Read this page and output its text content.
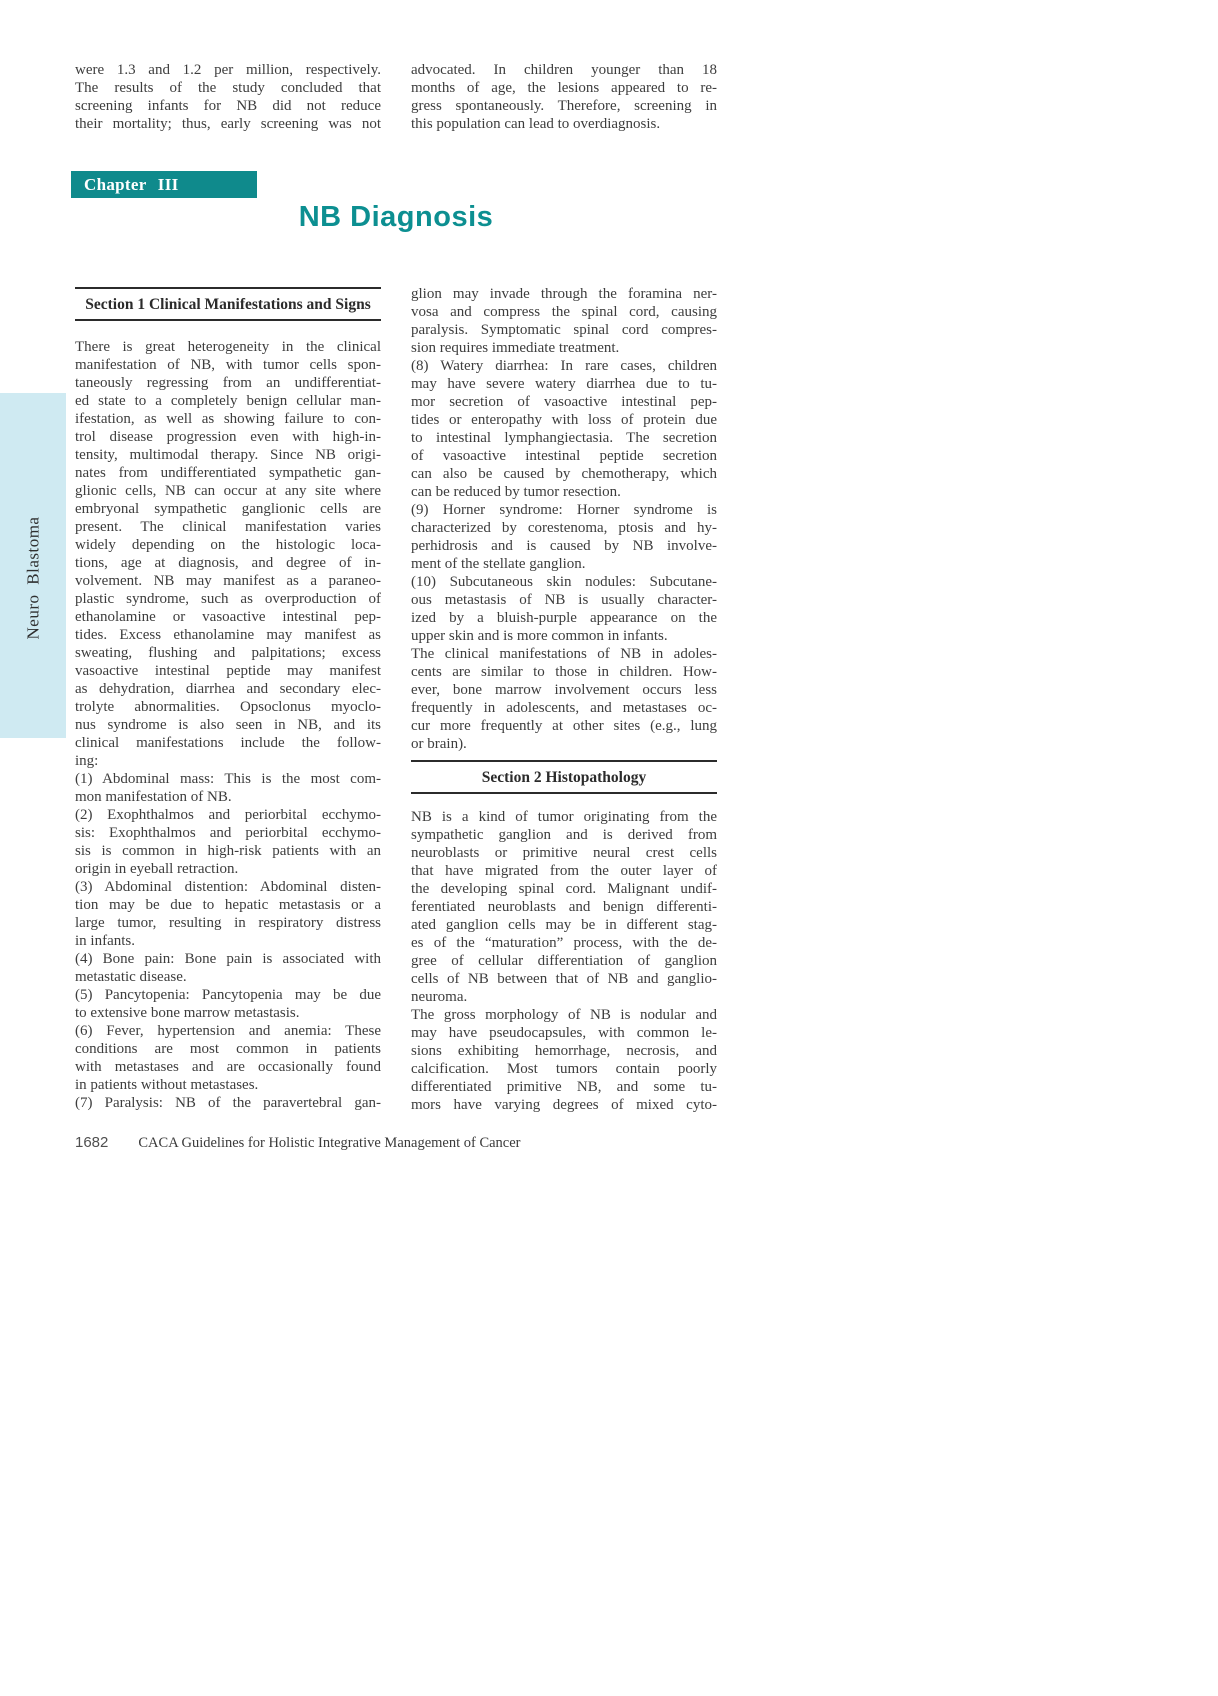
were 1.3 and 1.2 per million, respectively.
The results of the study concluded that
screening infants for NB did not reduce
their mortality; thus, early screening was not
advocated. In children younger than 18
months of age, the lesions appeared to re-
gress spontaneously. Therefore, screening in
this population can lead to overdiagnosis.
Chapter III
NB Diagnosis
Section 1 Clinical Manifestations and Signs
There is great heterogeneity in the clinical
manifestation of NB, with tumor cells spon-
taneously regressing from an undifferentiat-
ed state to a completely benign cellular man-
ifestation, as well as showing failure to con-
trol disease progression even with high-in-
tensity, multimodal therapy. Since NB origi-
nates from undifferentiated sympathetic gan-
glionic cells, NB can occur at any site where
embryonal sympathetic ganglionic cells are
present. The clinical manifestation varies
widely depending on the histologic loca-
tions, age at diagnosis, and degree of in-
volvement. NB may manifest as a paraneo-
plastic syndrome, such as overproduction of
ethanolamine or vasoactive intestinal pep-
tides. Excess ethanolamine may manifest as
sweating, flushing and palpitations; excess
vasoactive intestinal peptide may manifest
as dehydration, diarrhea and secondary elec-
trolyte abnormalities. Opsoclonus myoclo-
nus syndrome is also seen in NB, and its
clinical manifestations include the follow-
ing:
(1) Abdominal mass: This is the most com-
mon manifestation of NB.
(2) Exophthalmos and periorbital ecchymo-
sis: Exophthalmos and periorbital ecchymo-
sis is common in high-risk patients with an
origin in eyeball retraction.
(3) Abdominal distention: Abdominal disten-
tion may be due to hepatic metastasis or a
large tumor, resulting in respiratory distress
in infants.
(4) Bone pain: Bone pain is associated with
metastatic disease.
(5) Pancytopenia: Pancytopenia may be due
to extensive bone marrow metastasis.
(6) Fever, hypertension and anemia: These
conditions are most common in patients
with metastases and are occasionally found
in patients without metastases.
(7) Paralysis: NB of the paravertebral gan-
glion may invade through the foramina ner-
vosa and compress the spinal cord, causing
paralysis. Symptomatic spinal cord compres-
sion requires immediate treatment.
(8) Watery diarrhea: In rare cases, children
may have severe watery diarrhea due to tu-
mor secretion of vasoactive intestinal pep-
tides or enteropathy with loss of protein due
to intestinal lymphangiectasia. The secretion
of vasoactive intestinal peptide secretion
can also be caused by chemotherapy, which
can be reduced by tumor resection.
(9) Horner syndrome: Horner syndrome is
characterized by corestenoma, ptosis and hy-
perhidrosis and is caused by NB involve-
ment of the stellate ganglion.
(10) Subcutaneous skin nodules: Subcutane-
ous metastasis of NB is usually character-
ized by a bluish-purple appearance on the
upper skin and is more common in infants.
The clinical manifestations of NB in adoles-
cents are similar to those in children. How-
ever, bone marrow involvement occurs less
frequently in adolescents, and metastases oc-
cur more frequently at other sites (e.g., lung
or brain).
Section 2 Histopathology
NB is a kind of tumor originating from the
sympathetic ganglion and is derived from
neuroblasts or primitive neural crest cells
that have migrated from the outer layer of
the developing spinal cord. Malignant undif-
ferentiated neuroblasts and benign differenti-
ated ganglion cells may be in different stag-
es of the “maturation” process, with the de-
gree of cellular differentiation of ganglion
cells of NB between that of NB and ganglio-
neuroma.
The gross morphology of NB is nodular and
may have pseudocapsules, with common le-
sions exhibiting hemorrhage, necrosis, and
calcification. Most tumors contain poorly
differentiated primitive NB, and some tu-
mors have varying degrees of mixed cyto-
Neuro Blastoma
1682 CACA Guidelines for Holistic Integrative Management of Cancer
